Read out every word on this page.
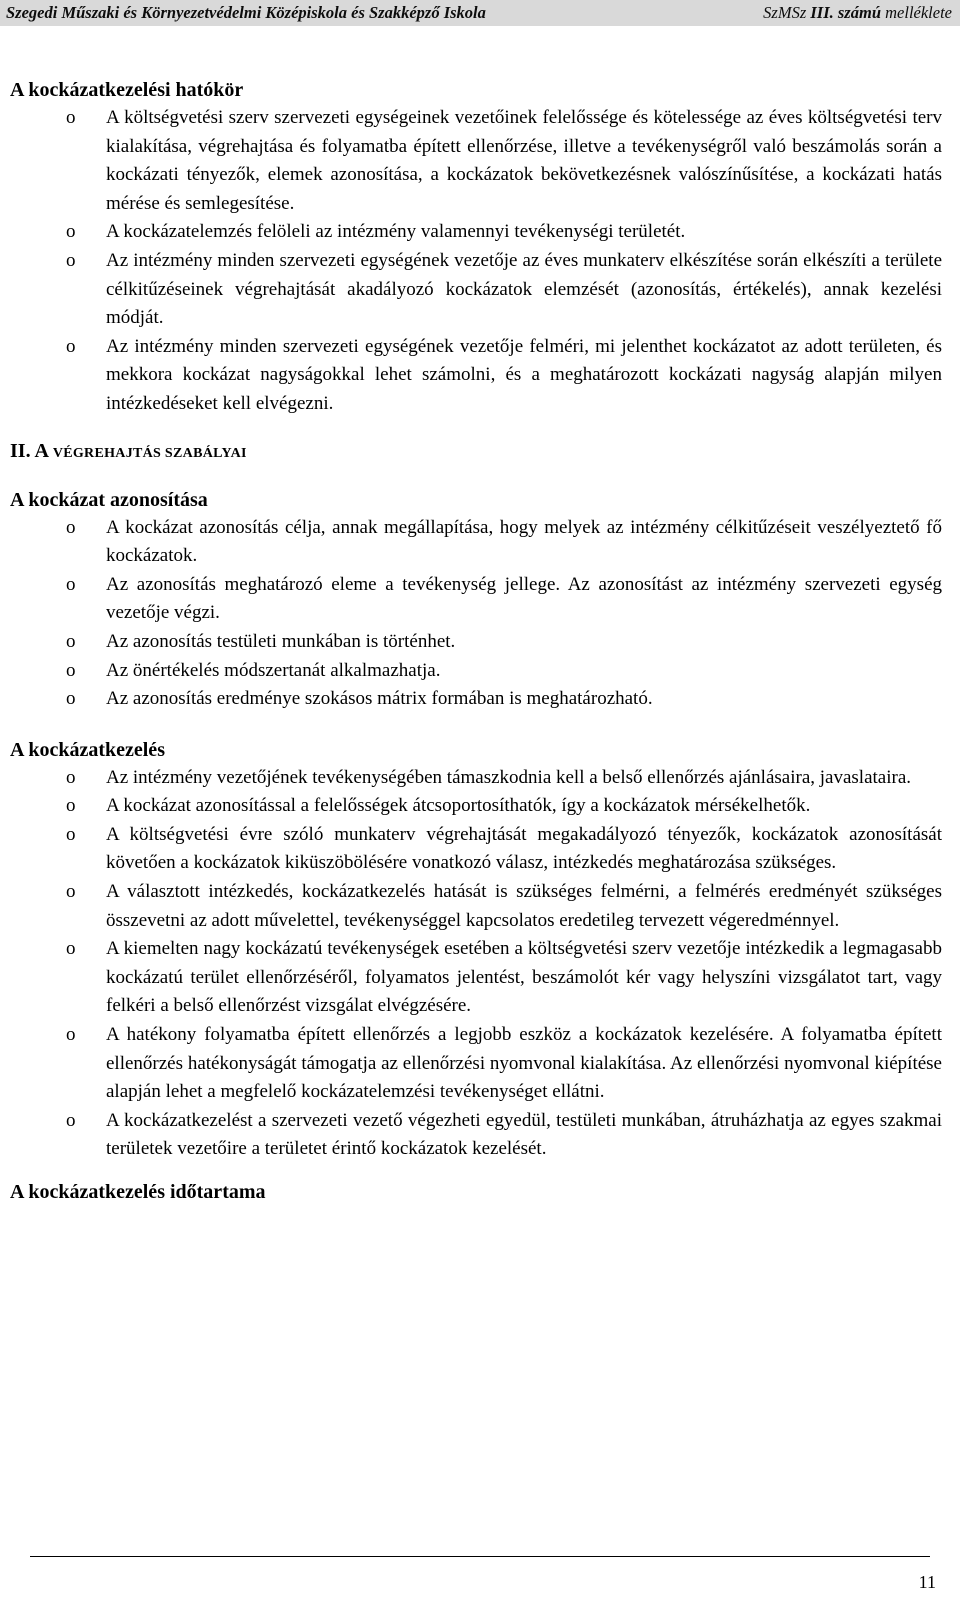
Szegedi Műszaki és Környezetvédelmi Középiskola és Szakképző Iskola	SzMSz III. számú melléklete
A kockázatkezelési hatókör
o	A költségvetési szerv szervezeti egységeinek vezetőinek felelőssége és kötelessége az éves költségvetési terv kialakítása, végrehajtása és folyamatba épített ellenőrzése, illetve a tevékenységről való beszámolás során a kockázati tényezők, elemek azonosítása, a kockázatok bekövetkezésnek valószínűsítése, a kockázati hatás mérése és semlegesítése.
o	A kockázatelemzés felöleli az intézmény valamennyi tevékenységi területét.
o	Az intézmény minden szervezeti egységének vezetője az éves munkaterv elkészítése során elkészíti a területe célkitűzéseinek végrehajtását akadályozó kockázatok elemzését (azonosítás, értékelés), annak kezelési módját.
o	Az intézmény minden szervezeti egységének vezetője felméri, mi jelenthet kockázatot az adott területen, és mekkora kockázat nagyságokkal lehet számolni, és a meghatározott kockázati nagyság alapján milyen intézkedéseket kell elvégezni.

II. A VÉGREHAJTÁS SZABÁLYAI

A kockázat azonosítása
o	A kockázat azonosítás célja, annak megállapítása, hogy melyek az intézmény célkitűzéseit veszélyeztető fő kockázatok.
o	Az azonosítás meghatározó eleme a tevékenység jellege. Az azonosítást az intézmény szervezeti egység vezetője végzi.
o	Az azonosítás testületi munkában is történhet.
o	Az önértékelés módszertanát alkalmazhatja.
o	Az azonosítás eredménye szokásos mátrix formában is meghatározható.
A kockázatkezelés
o	Az intézmény vezetőjének tevékenységében támaszkodnia kell a belső ellenőrzés ajánlásaira, javaslataira.
o	A kockázat azonosítással a felelősségek átcsoportosíthatók, így a kockázatok mérsékelhetők.
o	A költségvetési évre szóló munkaterv végrehajtását megakadályozó tényezők, kockázatok azonosítását követően a kockázatok kiküszöbölésére vonatkozó válasz, intézkedés meghatározása szükséges.
o	A választott intézkedés, kockázatkezelés hatását is szükséges felmérni, a felmérés eredményét szükséges összevetni az adott művelettel, tevékenységgel kapcsolatos eredetileg tervezett végeredménnyel.
o	A kiemelten nagy kockázatú tevékenységek esetében a költségvetési szerv vezetője intézkedik a legmagasabb kockázatú terület ellenőrzéséről, folyamatos jelentést, beszámolót kér vagy helyszíni vizsgálatot tart, vagy felkéri a belső ellenőrzést vizsgálat elvégzésére.
o	A hatékony folyamatba épített ellenőrzés a legjobb eszköz a kockázatok kezelésére. A folyamatba épített ellenőrzés hatékonyságát támogatja az ellenőrzési nyomvonal kialakítása. Az ellenőrzési nyomvonal kiépítése alapján lehet a megfelelő kockázatelemzési tevékenységet ellátni.
o	A kockázatkezelést a szervezeti vezető végezheti egyedül, testületi munkában, átruházhatja az egyes szakmai területek vezetőire a területet érintő kockázatok kezelését.
A kockázatkezelés időtartama
11
